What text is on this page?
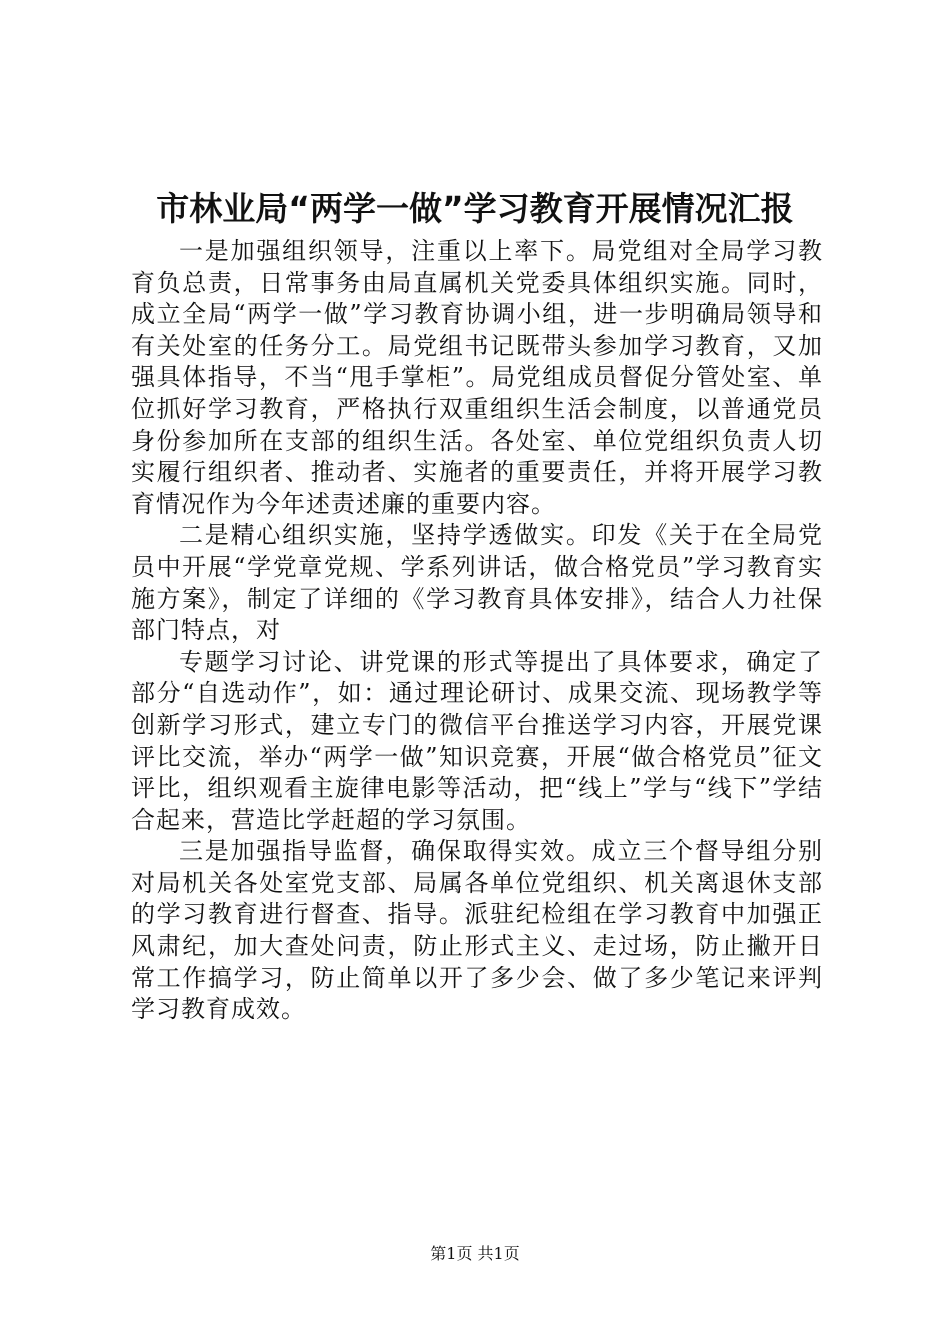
市林业局“两学一做”学习教育开展情况汇报

一是加强组织领导，注重以上率下。局党组对全局学习教育负总责，日常事务由局直属机关党委具体组织实施。同时，成立全局“两学一做”学习教育协调小组，进一步明确局领导和有关处室的任务分工。局党组书记既带头参加学习教育，又加强具体指导，不当“甩手掌柜”。局党组成员督促分管处室、单位抓好学习教育，严格执行双重组织生活会制度，以普通党员身份参加所在支部的组织生活。各处室、单位党组织负责人切实履行组织者、推动者、实施者的重要责任，并将开展学习教育情况作为今年述责述廉的重要内容。

二是精心组织实施，坚持学透做实。印发《关于在全局党员中开展“学党章党规、学系列讲话，做合格党员”学习教育实施方案》，制定了详细的《学习教育具体安排》，结合人力社保部门特点，对

专题学习讨论、讲党课的形式等提出了具体要求，确定了部分“自选动作”，如：通过理论研讨、成果交流、现场教学等创新学习形式，建立专门的微信平台推送学习内容，开展党课评比交流，举办“两学一做”知识竞赛，开展“做合格党员”征文评比，组织观看主旋律电影等活动，把“线上”学与“线下”学结合起来，营造比学赶超的学习氛围。

三是加强指导监督，确保取得实效。成立三个督导组分别对局机关各处室党支部、局属各单位党组织、机关离退休支部的学习教育进行督查、指导。派驻纪检组在学习教育中加强正风肃纪，加大查处问责，防止形式主义、走过场，防止撇开日常工作搞学习，防止简单以开了多少会、做了多少笔记来评判学习教育成效。

第1页 共1页
